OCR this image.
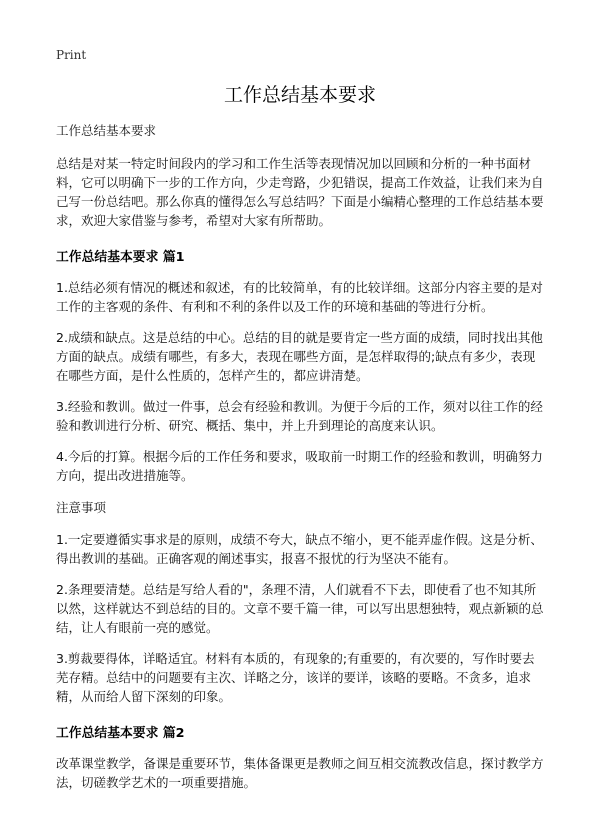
Print
工作总结基本要求
工作总结基本要求

总结是对某一特定时间段内的学习和工作生活等表现情况加以回顾和分析的一种书面材料，它可以明确下一步的工作方向，少走弯路，少犯错误，提高工作效益，让我们来为自己写一份总结吧。那么你真的懂得怎么写总结吗？下面是小编精心整理的工作总结基本要求，欢迎大家借鉴与参考，希望对大家有所帮助。

工作总结基本要求 篇1

1.总结必须有情况的概述和叙述，有的比较简单，有的比较详细。这部分内容主要的是对工作的主客观的条件、有利和不利的条件以及工作的环境和基础的等进行分析。

2.成绩和缺点。这是总结的中心。总结的目的就是要肯定一些方面的成绩，同时找出其他方面的缺点。成绩有哪些，有多大，表现在哪些方面，是怎样取得的;缺点有多少，表现在哪些方面，是什么性质的，怎样产生的，都应讲清楚。

3.经验和教训。做过一件事，总会有经验和教训。为便于今后的工作，须对以往工作的经验和教训进行分析、研究、概括、集中，并上升到理论的高度来认识。

4.今后的打算。根据今后的工作任务和要求，吸取前一时期工作的经验和教训，明确努力方向，提出改进措施等。

注意事项

1.一定要遵循实事求是的原则，成绩不夸大，缺点不缩小，更不能弄虚作假。这是分析、得出教训的基础。正确客观的阐述事实，报喜不报忧的行为坚决不能有。

2.条理要清楚。总结是写给人看的"，条理不清，人们就看不下去，即使看了也不知其所以然，这样就达不到总结的目的。文章不要千篇一律，可以写出思想独特，观点新颖的总结，让人有眼前一亮的感觉。

3.剪裁要得体，详略适宜。材料有本质的，有现象的;有重要的，有次要的，写作时要去芜存精。总结中的问题要有主次、详略之分，该详的要详，该略的要略。不贪多，追求精，从而给人留下深刻的印象。

工作总结基本要求 篇2

改革课堂教学，备课是重要环节，集体备课更是教师之间互相交流教改信息，探讨教学方法，切磋教学艺术的一项重要措施。
